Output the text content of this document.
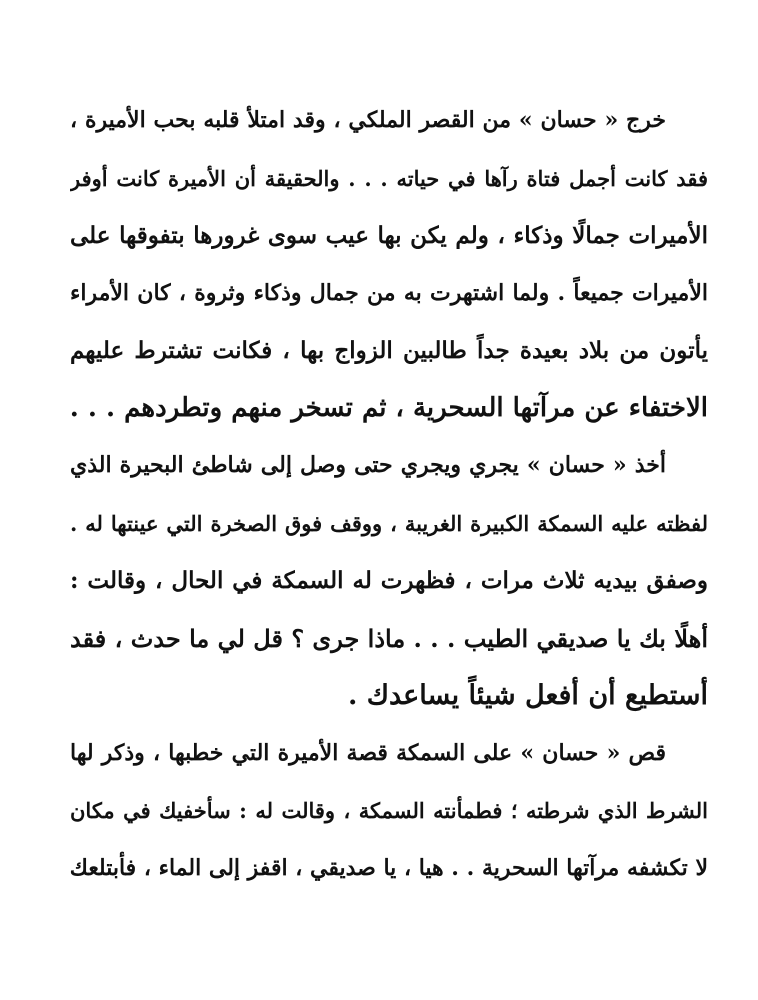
خرج « حسان » من القصر الملكي ، وقد امتلأ قلبه بحب الأميرة ،
فقد كانت أجمل فتاة رآها في حياته . . . والحقيقة أن الأميرة كانت أوفر
الأميرات جمالًا وذكاء ، ولم يكن بها عيب سوى غرورها بتفوقها على
الأميرات جميعاً . ولما اشتهرت به من جمال وذكاء وثروة ، كان الأمراء
يأتون من بلاد بعيدة جداً طالبين الزواج بها ، فكانت تشترط عليهم
الاختفاء عن مرآتها السحرية ، ثم تسخر منهم وتطردهم . . .
أخذ « حسان » يجري ويجري حتى وصل إلى شاطئ البحيرة الذي
لفظته عليه السمكة الكبيرة الغريبة ، ووقف فوق الصخرة التي عينتها له .
وصفق بيديه ثلاث مرات ، فظهرت له السمكة في الحال ، وقالت :
أهلًا بك يا صديقي الطيب . . . ماذا جرى ؟ قل لي ما حدث ، فقد
أستطيع أن أفعل شيئاً يساعدك .
قص « حسان » على السمكة قصة الأميرة التي خطبها ، وذكر لها
الشرط الذي شرطته ؛ فطمأنته السمكة ، وقالت له : سأخفيك في مكان
لا تكشفه مرآتها السحرية . . هيا ، يا صديقي ، اقفز إلى الماء ، فأبتلعك
